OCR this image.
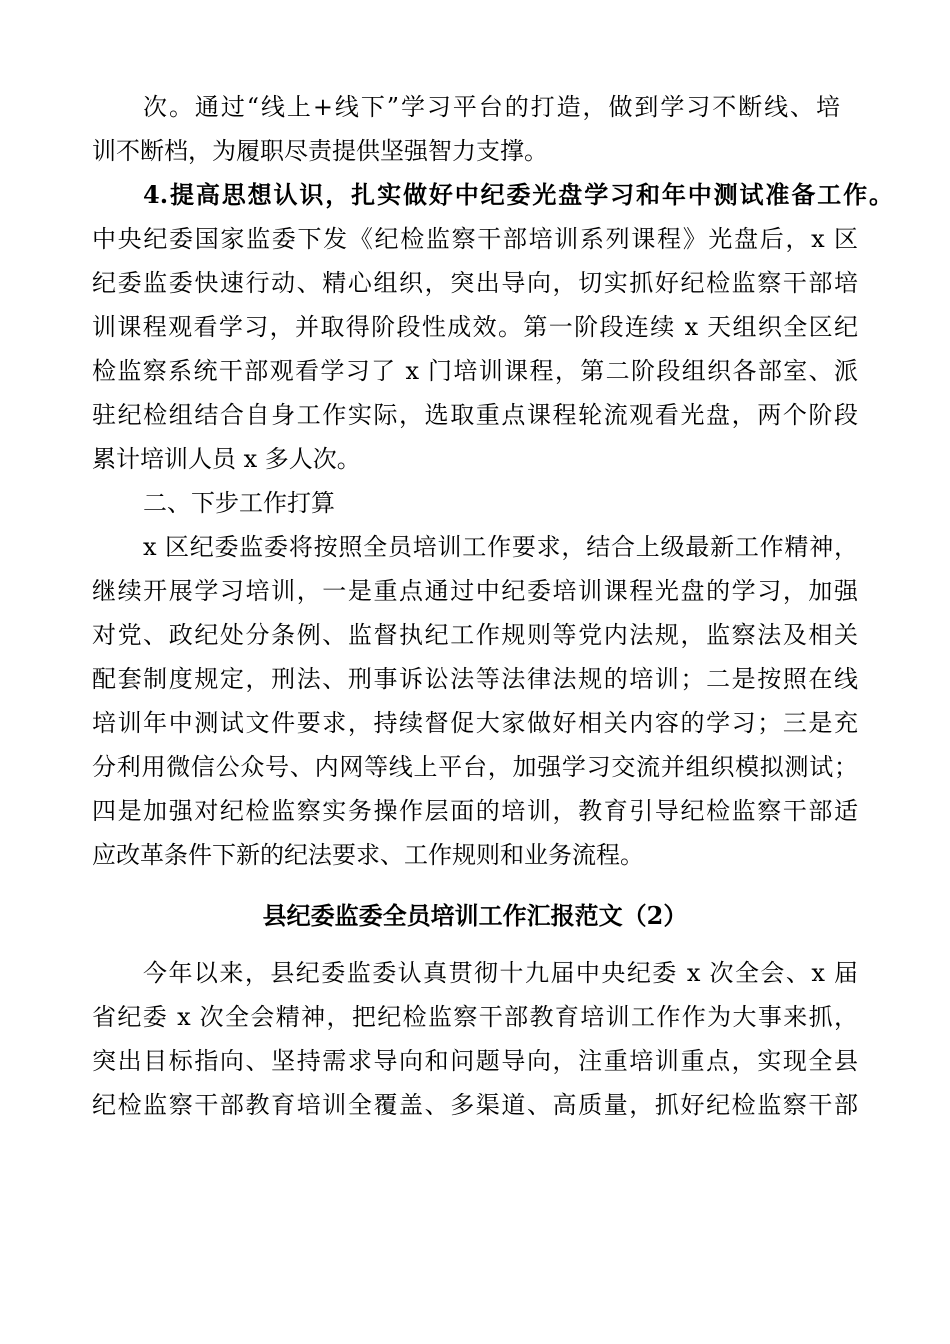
次。通过“线上+线下”学习平台的打造，做到学习不断线、培
训不断档，为履职尽责提供坚强智力支撑。
4.提高思想认识，扎实做好中纪委光盘学习和年中测试准备工作。
中央纪委国家监委下发《纪检监察干部培训系列课程》光盘后，x 区
纪委监委快速行动、精心组织，突出导向，切实抓好纪检监察干部培
训课程观看学习，并取得阶段性成效。第一阶段连续 x 天组织全区纪
检监察系统干部观看学习了 x 门培训课程，第二阶段组织各部室、派
驻纪检组结合自身工作实际，选取重点课程轮流观看光盘，两个阶段
累计培训人员 x 多人次。
二、下步工作打算
x 区纪委监委将按照全员培训工作要求，结合上级最新工作精神，
继续开展学习培训，一是重点通过中纪委培训课程光盘的学习，加强
对党、政纪处分条例、监督执纪工作规则等党内法规，监察法及相关
配套制度规定，刑法、刑事诉讼法等法律法规的培训；二是按照在线
培训年中测试文件要求，持续督促大家做好相关内容的学习；三是充
分利用微信公众号、内网等线上平台，加强学习交流并组织模拟测试；
四是加强对纪检监察实务操作层面的培训，教育引导纪检监察干部适
应改革条件下新的纪法要求、工作规则和业务流程。
县纪委监委全员培训工作汇报范文（2）
今年以来，县纪委监委认真贯彻十九届中央纪委 x 次全会、x 届
省纪委 x 次全会精神，把纪检监察干部教育培训工作作为大事来抓，
突出目标指向、坚持需求导向和问题导向，注重培训重点，实现全县
纪检监察干部教育培训全覆盖、多渠道、高质量，抓好纪检监察干部
